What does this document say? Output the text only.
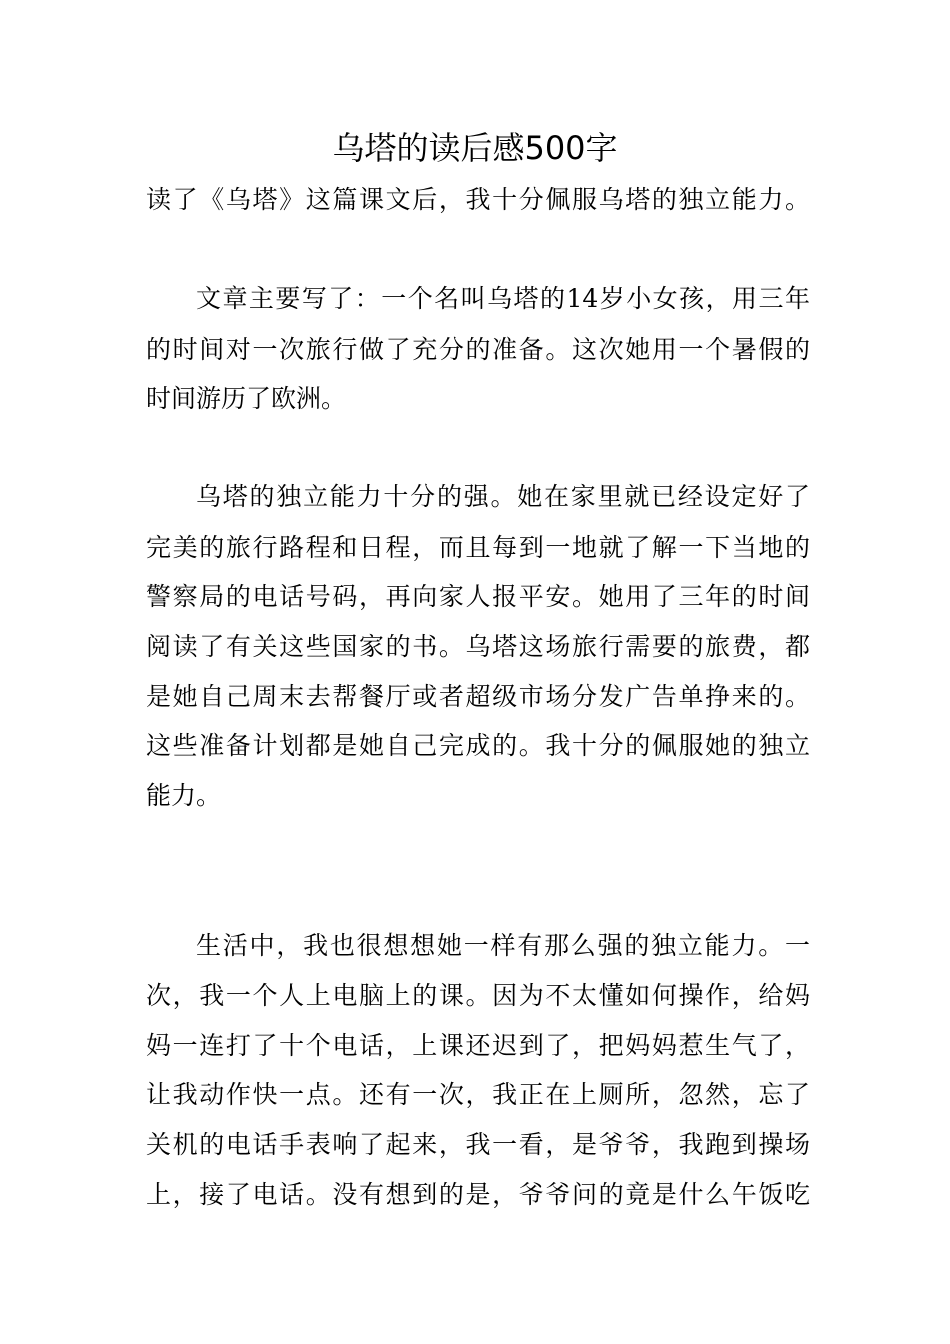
乌塔的读后感500字

读了《乌塔》这篇课文后，我十分佩服乌塔的独立能力。

文章主要写了：一个名叫乌塔的14岁小女孩，用三年

的时间对一次旅行做了充分的准备。这次她用一个暑假的

时间游历了欧洲。

乌塔的独立能力十分的强。她在家里就已经设定好了

完美的旅行路程和日程，而且每到一地就了解一下当地的

警察局的电话号码，再向家人报平安。她用了三年的时间

阅读了有关这些国家的书。乌塔这场旅行需要的旅费，都

是她自己周末去帮餐厅或者超级市场分发广告单挣来的。

这些准备计划都是她自己完成的。我十分的佩服她的独立

能力。

生活中，我也很想想她一样有那么强的独立能力。一

次，我一个人上电脑上的课。因为不太懂如何操作，给妈

妈一连打了十个电话，上课还迟到了，把妈妈惹生气了，

让我动作快一点。还有一次，我正在上厕所，忽然，忘了

关机的电话手表响了起来，我一看，是爷爷，我跑到操场

上，接了电话。没有想到的是，爷爷问的竟是什么午饭吃
